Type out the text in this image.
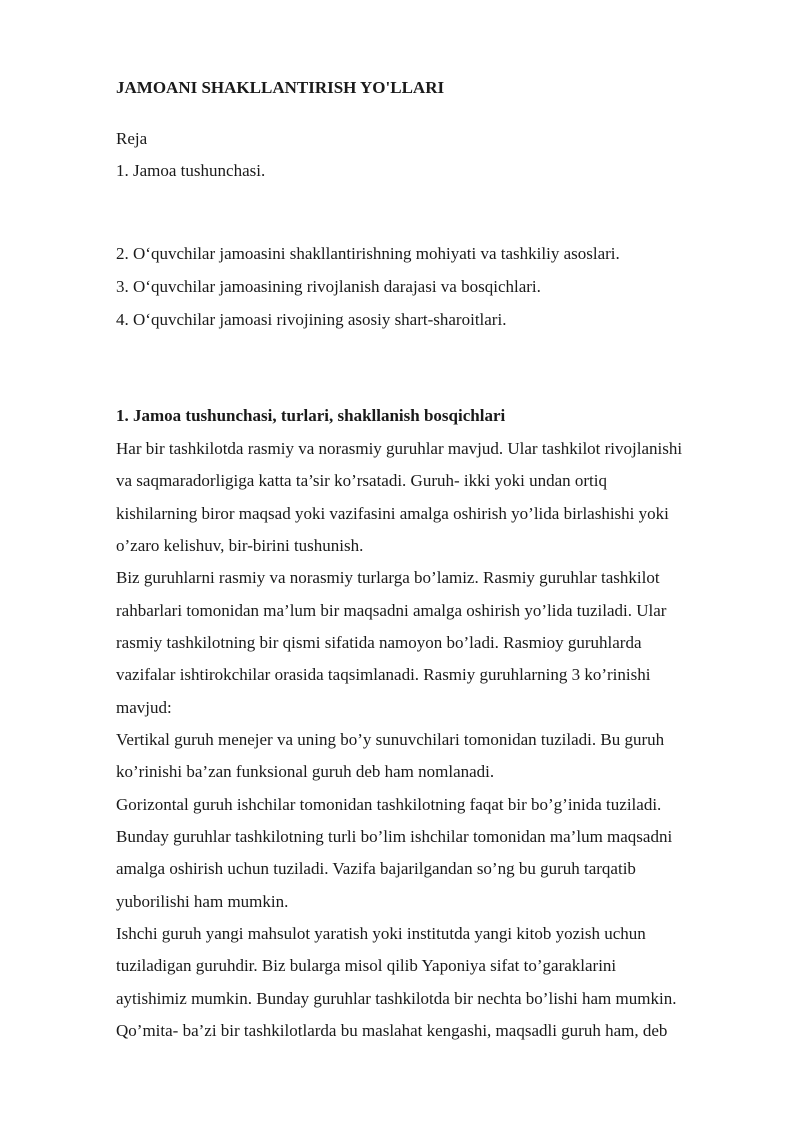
JAMOANI SHAKLLANTIRISH YO'LLARI
Reja
1. Jamoa tushunchasi.
2. O‘quvchilar jamoasini shakllantirishning mohiyati va tashkiliy asoslari.
3. O‘quvchilar jamoasining rivojlanish darajasi va bosqichlari.
4. O‘quvchilar jamoasi rivojining asosiy shart-sharoitlari.
1. Jamoa tushunchasi, turlari, shakllanish bosqichlari
Har bir tashkilotda rasmiy va norasmiy guruhlar mavjud. Ular tashkilot rivojlanishi
va saqmaradorligiga katta ta’sir ko’rsatadi. Guruh- ikki yoki undan ortiq
kishilarning biror maqsad yoki vazifasini amalga oshirish yo’lida birlashishi yoki
o’zaro kelishuv, bir-birini tushunish.
Biz guruhlarni rasmiy va norasmiy turlarga bo’lamiz. Rasmiy guruhlar tashkilot
rahbarlari tomonidan ma’lum bir maqsadni amalga oshirish yo’lida tuziladi. Ular
rasmiy tashkilotning bir qismi sifatida namoyon bo’ladi. Rasmioy guruhlarda
vazifalar ishtirokchilar orasida taqsimlanadi. Rasmiy guruhlarning 3 ko’rinishi
mavjud:
Vertikal guruh menejer va uning bo’y sunuvchilari tomonidan tuziladi. Bu guruh
ko’rinishi ba’zan funksional guruh deb ham nomlanadi.
Gorizontal guruh ishchilar tomonidan tashkilotning faqat bir bo’g’inida tuziladi.
Bunday guruhlar tashkilotning turli bo’lim ishchilar tomonidan ma’lum maqsadni
amalga oshirish uchun tuziladi. Vazifa bajarilgandan so’ng bu guruh tarqatib
yuborilishi ham mumkin.
Ishchi guruh yangi mahsulot yaratish yoki institutda yangi kitob yozish uchun
tuziladigan guruhdir. Biz bularga misol qilib Yaponiya sifat to’garaklarini
aytishimiz mumkin. Bunday guruhlar tashkilotda bir nechta bo’lishi ham mumkin.
Qo’mita- ba’zi bir tashkilotlarda bu maslahat kengashi, maqsadli guruh ham, deb
